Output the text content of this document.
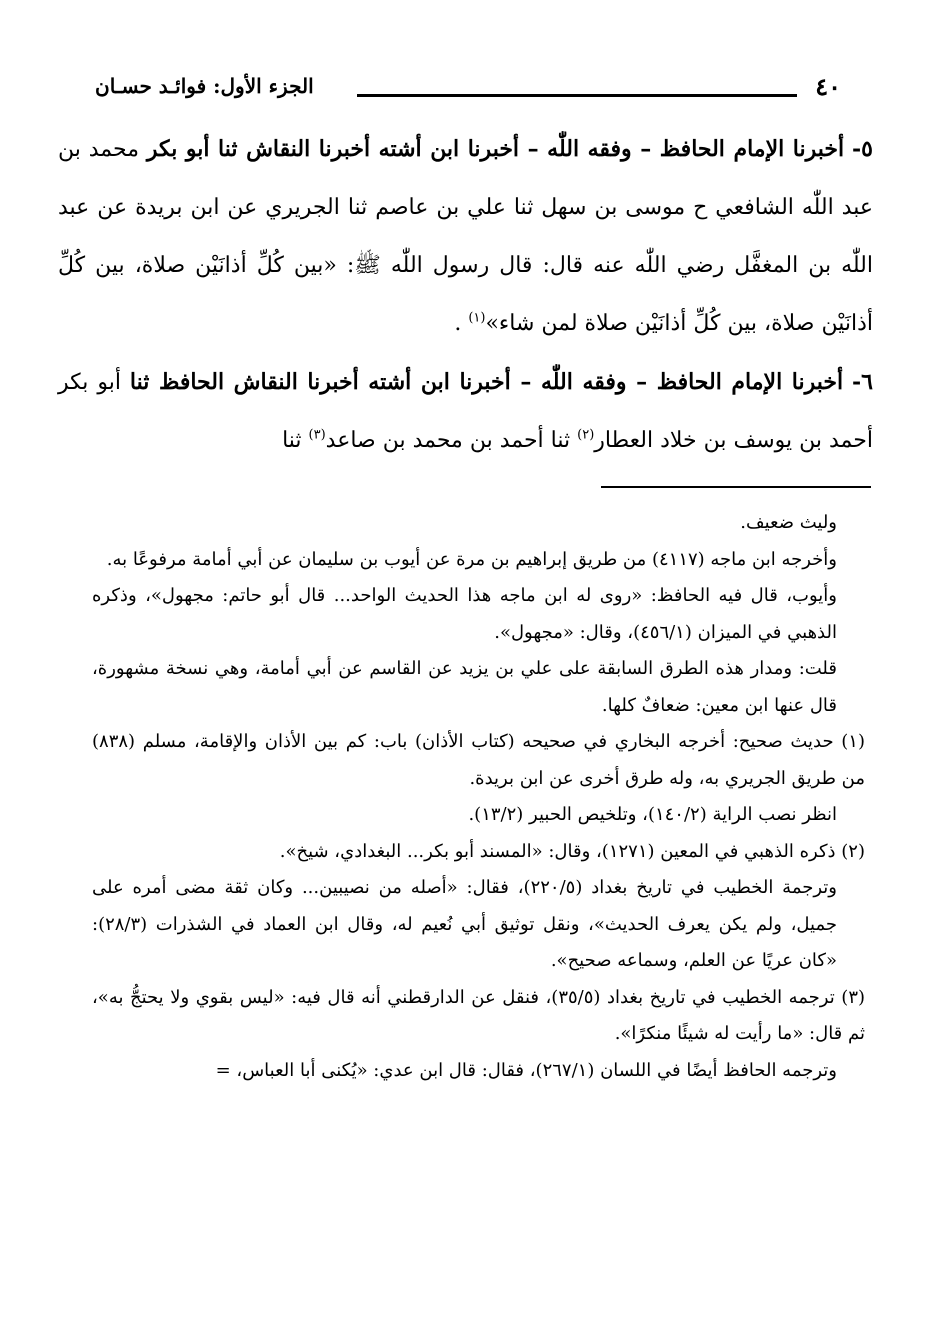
٤٠
الجزء الأول: فوائـد حسـان

٥- أخبرنا الإمام الحافظ – وفقه اللّٰه – أخبرنا ابن أشته أخبرنا النقاش ثنا أبو بكر محمد بن عبد اللّٰه الشافعي ح موسى بن سهل ثنا علي بن عاصم ثنا الجريري عن ابن بريدة عن عبد اللّٰه بن المغفَّل رضي اللّٰه عنه قال: قال رسول اللّٰه ﷺ: «بين كُلِّ أذانَيْن صلاة، بين كُلِّ أذانَيْن صلاة، بين كُلِّ أذانَيْن صلاة لمن شاء»$^{(١)}$ .

٦- أخبرنا الإمام الحافظ – وفقه اللّٰه – أخبرنا ابن أشته أخبرنا النقاش الحافظ ثنا أبو بكر أحمد بن يوسف بن خلاد العطار$^{(٢)}$ ثنا أحمد بن محمد بن صاعد$^{(٣)}$ ثنا

وليث ضعيف.

وأخرجه ابن ماجه (٤١١٧) من طريق إبراهيم بن مرة عن أيوب بن سليمان عن أبي أمامة مرفوعًا به.

وأيوب، قال فيه الحافظ: «روى له ابن ماجه هذا الحديث الواحد... قال أبو حاتم: مجهول»، وذكره الذهبي في الميزان (٤٥٦/١)، وقال: «مجهول».

قلت: ومدار هذه الطرق السابقة على علي بن يزيد عن القاسم عن أبي أمامة، وهي نسخة مشهورة، قال عنها ابن معين: ضعافٌ كلها.

(١) حديث صحيح: أخرجه البخاري في صحيحه (كتاب الأذان) باب: كم بين الأذان والإقامة، مسلم (٨٣٨) من طريق الجريري به، وله طرق أخرى عن ابن بريدة.

انظر نصب الراية (١٤٠/٢)، وتلخيص الحبير (١٣/٢).

(٢) ذكره الذهبي في المعين (١٢٧١)، وقال: «المسند أبو بكر... البغدادي، شيخ».

وترجمة الخطيب في تاريخ بغداد (٢٢٠/٥)، فقال: «أصله من نصيبين... وكان ثقة مضى أمره على جميل، ولم يكن يعرف الحديث»، ونقل توثيق أبي نُعيم له، وقال ابن العماد في الشذرات (٢٨/٣): «كان عريًا عن العلم، وسماعه صحيح».

(٣) ترجمه الخطيب في تاريخ بغداد (٣٥/٥)، فنقل عن الدارقطني أنه قال فيه: «ليس بقوي ولا يحتجُّ به»، ثم قال: «ما رأيت له شيئًا منكرًا».

وترجمه الحافظ أيضًا في اللسان (٢٦٧/١)، فقال: قال ابن عدي: «يُكنى أبا العباس، =
